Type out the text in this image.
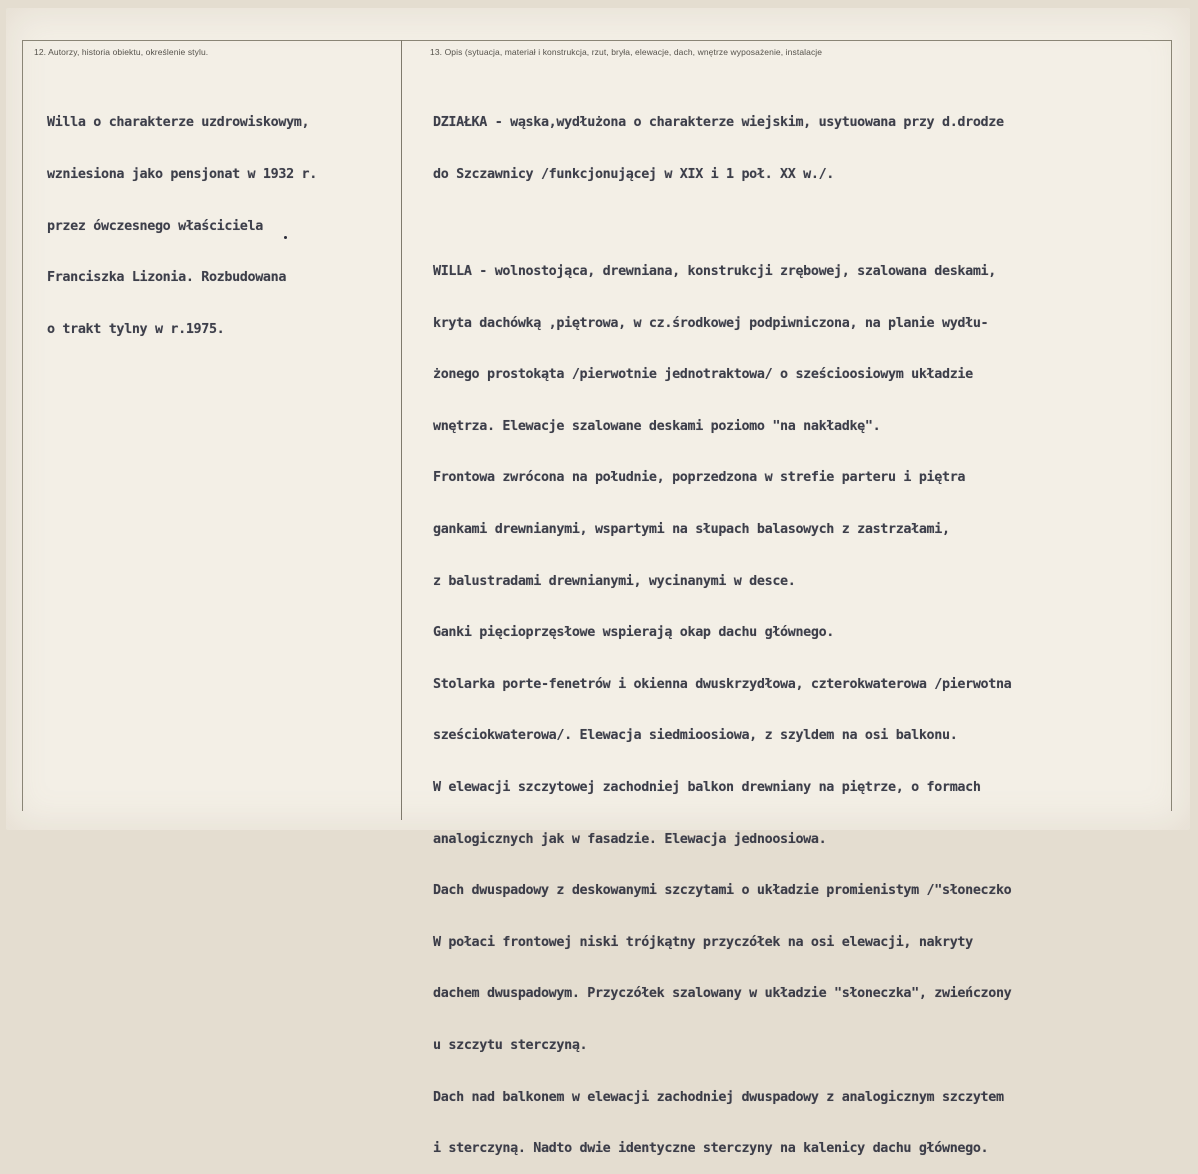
12. Autorzy, historia obiektu, określenie stylu.	13. Opis (sytuacja, materiał i konstrukcja, rzut, bryła, elewacje, dach, wnętrze wyposażenie, instalacje

Willa o charakterze uzdrowiskowym,

wzniesiona jako pensjonat w 1932 r.

przez ówczesnego właściciela

Franciszka Lizonia. Rozbudowana

o trakt tylny w r.1975.

DZIAŁKA - wąska,wydłużona o charakterze wiejskim, usytuowana przy d.drodze

do Szczawnicy /funkcjonującej w XIX i 1 poł. XX w./.

WILLA - wolnostojąca, drewniana, konstrukcji zrębowej, szalowana deskami,

kryta dachówką ,piętrowa, w cz.środkowej podpiwniczona, na planie wydłu-

żonego prostokąta /pierwotnie jednotraktowa/ o sześcioosiowym układzie

wnętrza. Elewacje szalowane deskami poziomo "na nakładkę".

Frontowa zwrócona na południe, poprzedzona w strefie parteru i piętra

gankami drewnianymi, wspartymi na słupach balasowych z zastrzałami,

z balustradami drewnianymi, wycinanymi w desce.

Ganki pięcioprzęsłowe wspierają okap dachu głównego.

Stolarka porte-fenetrów i okienna dwuskrzydłowa, czterokwaterowa /pierwotna

sześciokwaterowa/. Elewacja siedmioosiowa, z szyldem na osi balkonu.

W elewacji szczytowej zachodniej balkon drewniany na piętrze, o formach

analogicznych jak w fasadzie. Elewacja jednoosiowa.

Dach dwuspadowy z deskowanymi szczytami o układzie promienistym /"słoneczko

W połaci frontowej niski trójkątny przyczółek na osi elewacji, nakryty

dachem dwuspadowym. Przyczółek szalowany w układzie "słoneczka", zwieńczony

u szczytu sterczyną.

Dach nad balkonem w elewacji zachodniej dwuspadowy z analogicznym szczytem

i sterczyną. Nadto dwie identyczne sterczyny na kalenicy dachu głównego.
